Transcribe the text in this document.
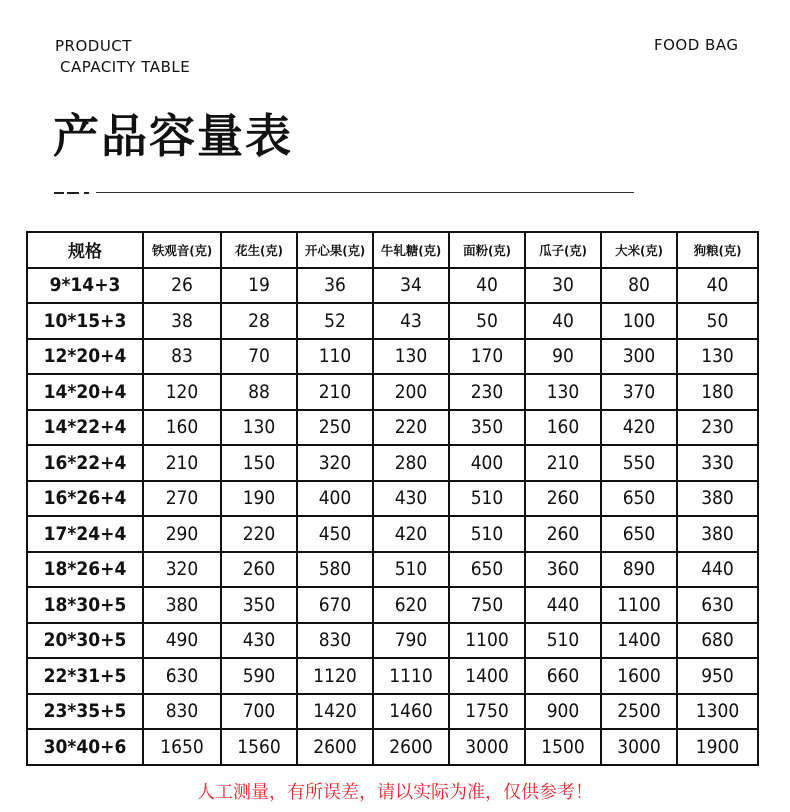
PRODUCT
CAPACITY TABLE
FOOD BAG
产品容量表
规格	铁观音(克)	花生(克)	开心果(克)	牛轧糖(克)	面粉(克)	瓜子(克)	大米(克)	狗粮(克)
9*14+3	26	19	36	34	40	30	80	40
10*15+3	38	28	52	43	50	40	100	50
12*20+4	83	70	110	130	170	90	300	130
14*20+4	120	88	210	200	230	130	370	180
14*22+4	160	130	250	220	350	160	420	230
16*22+4	210	150	320	280	400	210	550	330
16*26+4	270	190	400	430	510	260	650	380
17*24+4	290	220	450	420	510	260	650	380
18*26+4	320	260	580	510	650	360	890	440
18*30+5	380	350	670	620	750	440	1100	630
20*30+5	490	430	830	790	1100	510	1400	680
22*31+5	630	590	1120	1110	1400	660	1600	950
23*35+5	830	700	1420	1460	1750	900	2500	1300
30*40+6	1650	1560	2600	2600	3000	1500	3000	1900
人工测量，有所误差，请以实际为准，仅供参考！
